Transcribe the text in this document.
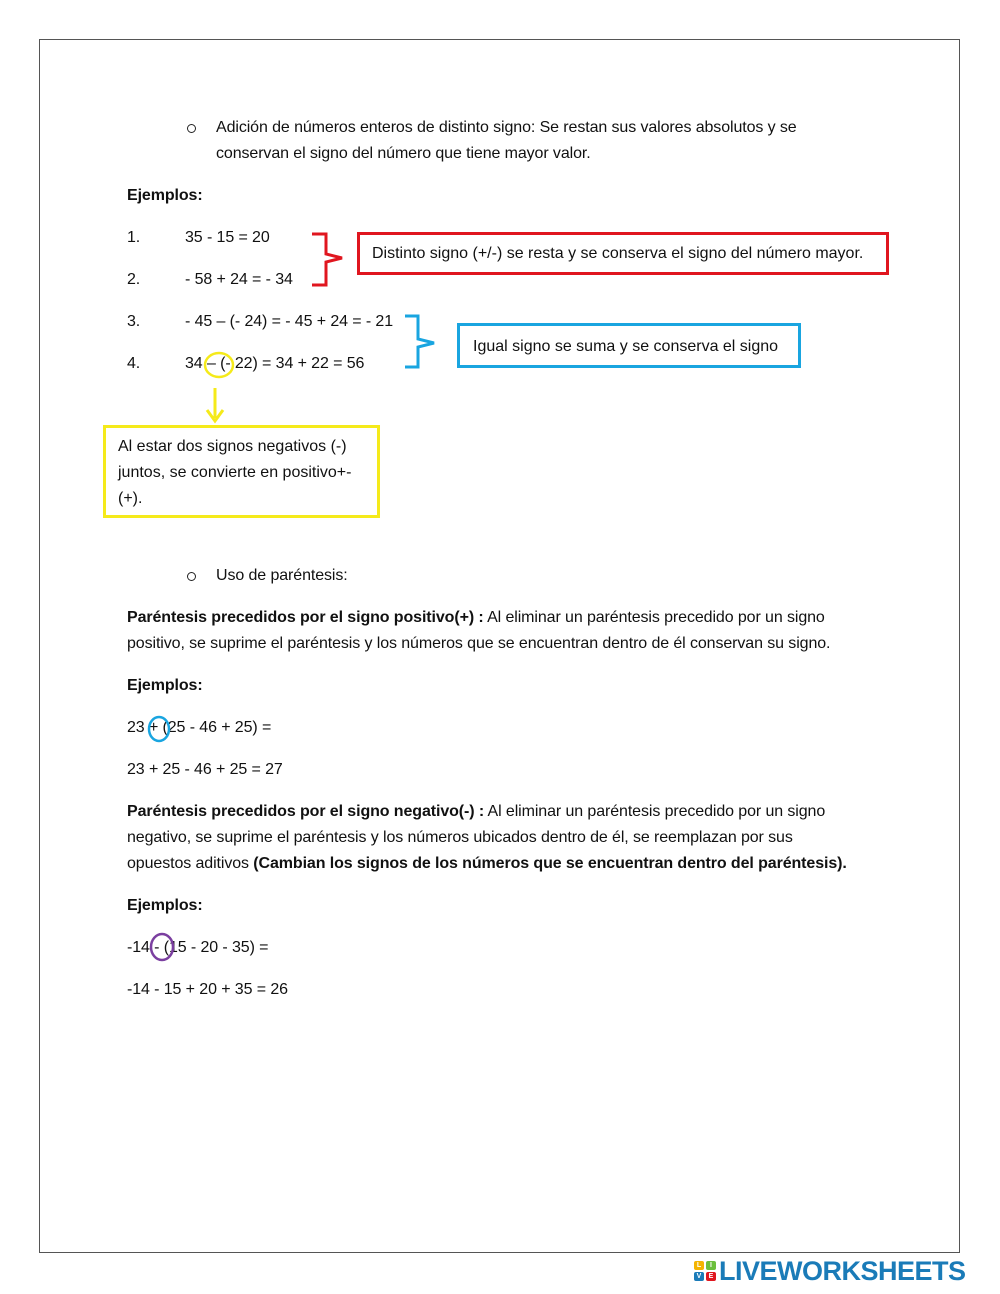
Adición de números enteros de distinto signo: Se restan sus valores absolutos y se
conservan el signo del número que tiene mayor valor.
Ejemplos:
1.	35 - 15 = 20
2.	- 58 + 24 = - 34
3.	- 45 – (- 24) = - 45 + 24 = - 21
4.	34 – (- 22) = 34 + 22 = 56
Distinto signo (+/-) se resta y se conserva el signo del número mayor.
Igual signo se suma y se conserva el signo
Al estar dos signos negativos (-)
juntos, se convierte en positivo+-
(+).
Uso de paréntesis:
Paréntesis precedidos por el signo positivo(+) : Al eliminar un paréntesis precedido por un signo
positivo, se suprime el paréntesis y los números que se encuentran dentro de él conservan su signo.
Ejemplos:
23 + (25 - 46 + 25) =
23 + 25 - 46 + 25 = 27
Paréntesis precedidos por el signo negativo(-) : Al eliminar un paréntesis precedido por un signo
negativo, se suprime el paréntesis y los números ubicados dentro de él, se reemplazan por sus
opuestos aditivos (Cambian los signos de los números que se encuentran dentro del paréntesis).
Ejemplos:
-14 - (15 - 20 - 35) =
-14 - 15 + 20 + 35 = 26
L	I
V	E LIVEWORKSHEETS
